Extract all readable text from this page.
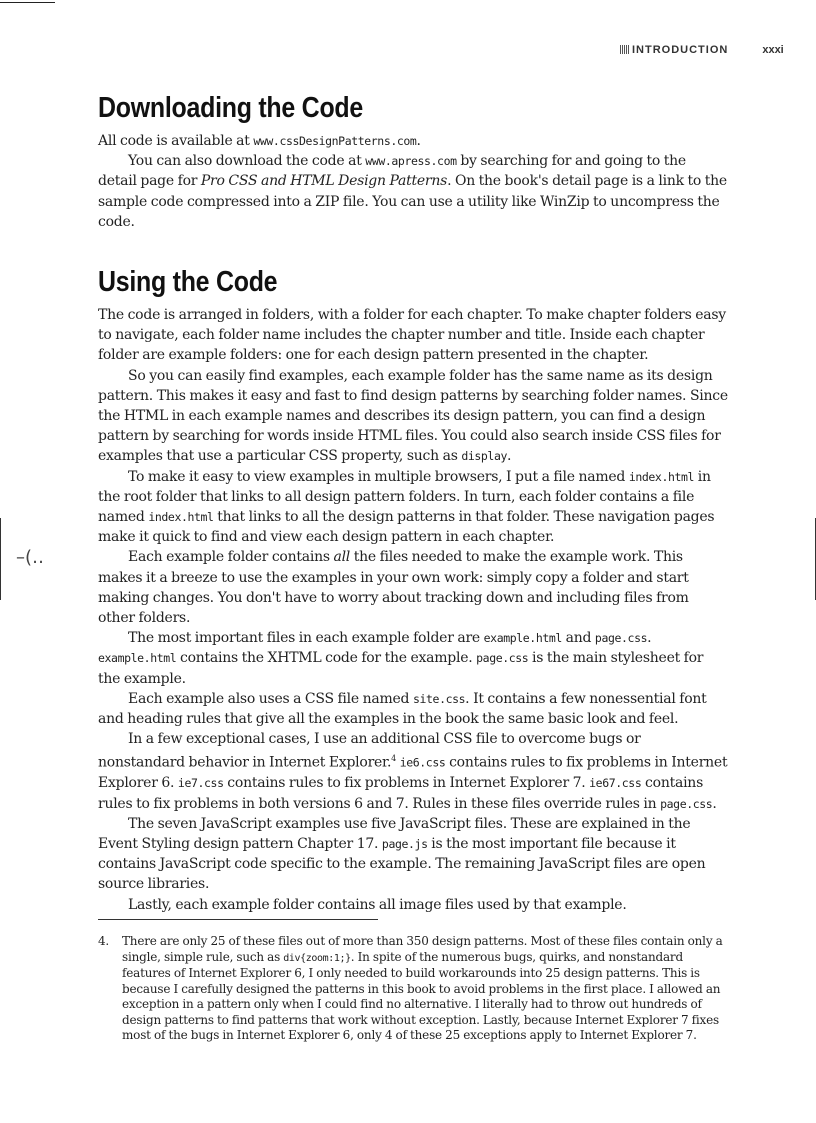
–(‥
INTRODUCTION	xxxi
Downloading the Code

All code is available at www.cssDesignPatterns.com.

You can also download the code at www.apress.com by searching for and going to the detail page for Pro CSS and HTML Design Patterns. On the book's detail page is a link to the sample code compressed into a ZIP file. You can use a utility like WinZip to uncompress the code.

Using the Code

The code is arranged in folders, with a folder for each chapter. To make chapter folders easy to navigate, each folder name includes the chapter number and title. Inside each chapter folder are example folders: one for each design pattern presented in the chapter.

So you can easily find examples, each example folder has the same name as its design pattern. This makes it easy and fast to find design patterns by searching folder names. Since the HTML in each example names and describes its design pattern, you can find a design pattern by searching for words inside HTML files. You could also search inside CSS files for examples that use a particular CSS property, such as display.

To make it easy to view examples in multiple browsers, I put a file named index.html in the root folder that links to all design pattern folders. In turn, each folder contains a file named index.html that links to all the design patterns in that folder. These navigation pages make it quick to find and view each design pattern in each chapter.

Each example folder contains all the files needed to make the example work. This makes it a breeze to use the examples in your own work: simply copy a folder and start making changes. You don't have to worry about tracking down and including files from other folders.

The most important files in each example folder are example.html and page.css. example.html contains the XHTML code for the example. page.css is the main stylesheet for the example.

Each example also uses a CSS file named site.css. It contains a few nonessential font and heading rules that give all the examples in the book the same basic look and feel.

In a few exceptional cases, I use an additional CSS file to overcome bugs or nonstandard behavior in Internet Explorer.$^4$ ie6.css contains rules to fix problems in Internet Explorer 6. ie7.css contains rules to fix problems in Internet Explorer 7. ie67.css contains rules to fix problems in both versions 6 and 7. Rules in these files override rules in page.css.

The seven JavaScript examples use five JavaScript files. These are explained in the Event Styling design pattern Chapter 17. page.js is the most important file because it contains JavaScript code specific to the example. The remaining JavaScript files are open source libraries.

Lastly, each example folder contains all image files used by that example.

4. There are only 25 of these files out of more than 350 design patterns. Most of these files contain only a single, simple rule, such as div{zoom:1;}. In spite of the numerous bugs, quirks, and nonstandard features of Internet Explorer 6, I only needed to build workarounds into 25 design patterns. This is because I carefully designed the patterns in this book to avoid problems in the first place. I allowed an exception in a pattern only when I could find no alternative. I literally had to throw out hundreds of design patterns to find patterns that work without exception. Lastly, because Internet Explorer 7 fixes most of the bugs in Internet Explorer 6, only 4 of these 25 exceptions apply to Internet Explorer 7.
